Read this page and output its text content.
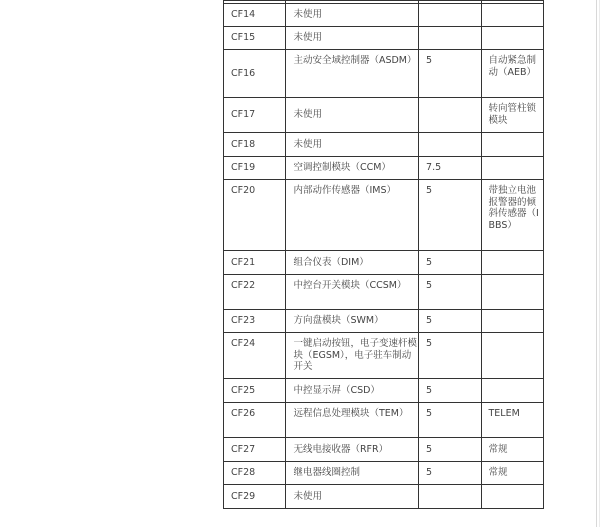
CF14	未使用		
CF15	未使用		
CF16	主动安全域控制器（ASDM）	5	自动紧急制动（AEB）
CF17	未使用		转向管柱锁模块
CF18	未使用		
CF19	空调控制模块（CCM）	7.5	
CF20	内部动作传感器（IMS）	5	带独立电池报警器的倾斜传感器（IBBS）
CF21	组合仪表（DIM）	5	
CF22	中控台开关模块（CCSM）	5	
CF23	方向盘模块（SWM）	5	
CF24	一键启动按钮，电子变速杆模块（EGSM），电子驻车制动开关	5	
CF25	中控显示屏（CSD）	5	
CF26	远程信息处理模块（TEM）	5	TELEM
CF27	无线电接收器（RFR）	5	常规
CF28	继电器线圈控制	5	常规
CF29	未使用		
